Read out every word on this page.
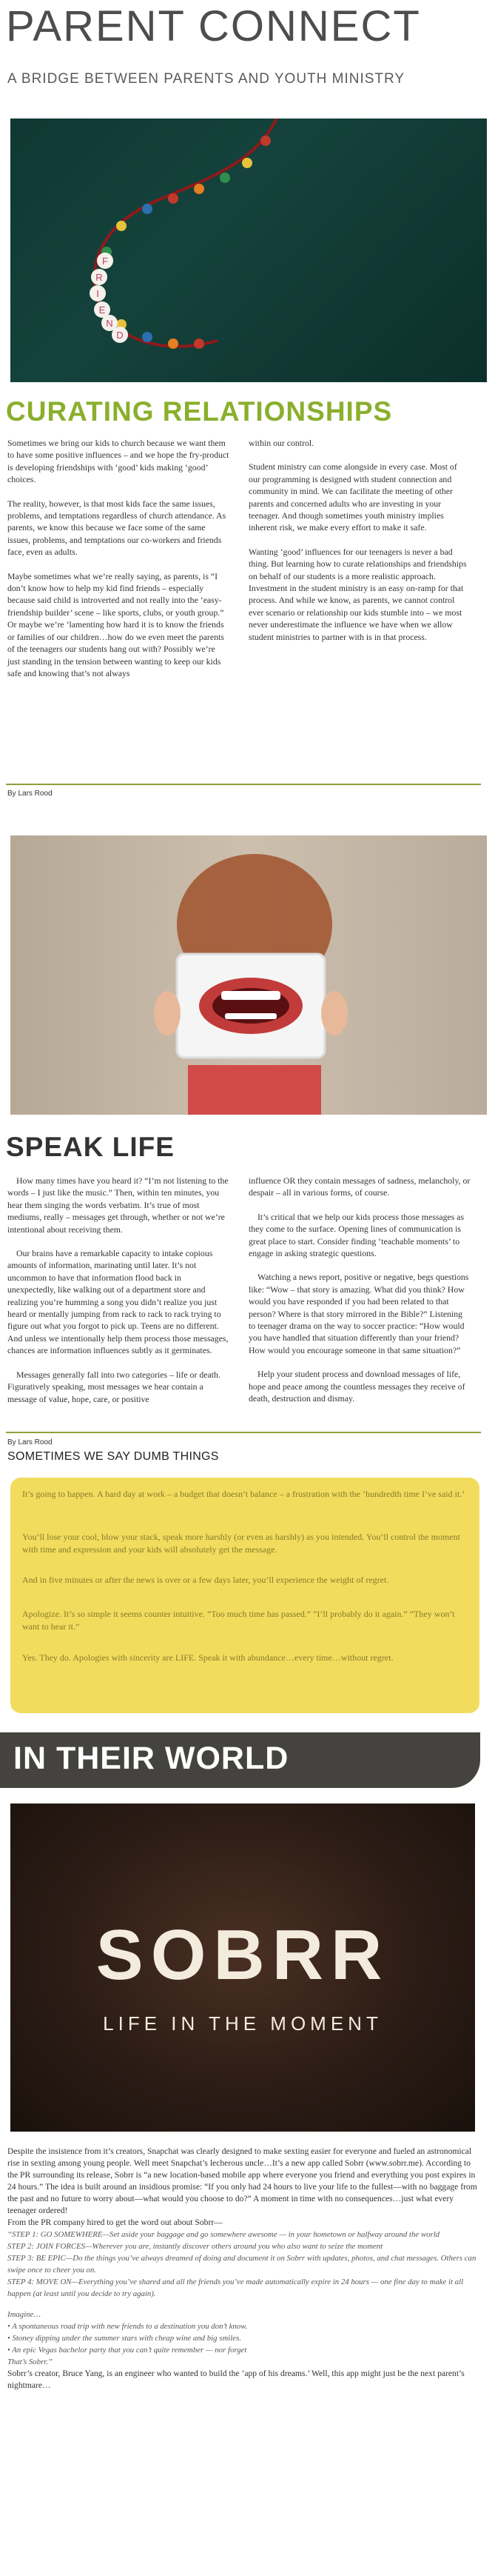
PARENT CONNECT
A BRIDGE BETWEEN PARENTS AND YOUTH MINISTRY
F
R
I
E
N
D
CURATING RELATIONSHIPS

Sometimes we bring our kids to church because we want them to have some positive influences – and we hope the fry-product is developing friendships with ‘good’ kids making ‘good’ choices.

The reality, however, is that most kids face the same issues, problems, and temptations regardless of church attendance. As parents, we know this because we face some of the same issues, problems, and temptations our co-workers and friends face, even as adults.

Maybe sometimes what we’re really saying, as parents, is “I don’t know how to help my kid find friends – especially because said child is introverted and not really into the ‘easy-friendship builder’ scene – like sports, clubs, or youth group.” Or maybe we’re ‘lamenting how hard it is to know the friends or families of our children…how do we even meet the parents of the teenagers our students hang out with? Possibly we’re just standing in the tension between wanting to keep our kids safe and knowing that’s not always

within our control.

Student ministry can come alongside in every case. Most of our programming is designed with student connection and community in mind. We can facilitate the meeting of other parents and concerned adults who are investing in your teenager. And though sometimes youth ministry implies inherent risk, we make every effort to make it safe.

Wanting ‘good’ influences for our teenagers is never a bad thing. But learning how to curate relationships and friendships on behalf of our students is a more realistic approach. Investment in the student ministry is an easy on-ramp for that process. And while we know, as parents, we cannot control ever scenario or relationship our kids stumble into – we most never underestimate the influence we have when we allow student ministries to partner with is in that process.

By Lars Rood
SPEAK LIFE

How many times have you heard it? “I’m not listening to the words – I just like the music.” Then, within ten minutes, you hear them singing the words verbatim. It’s true of most mediums, really – messages get through, whether or not we’re intentional about receiving them.

Our brains have a remarkable capacity to intake copious amounts of information, marinating until later. It’s not uncommon to have that information flood back in unexpectedly, like walking out of a department store and realizing you’re humming a song you didn’t realize you just heard or mentally jumping from rack to rack to rack trying to figure out what you forgot to pick up. Teens are no different. And unless we intentionally help them process those messages, chances are information influences subtly as it germinates.

Messages generally fall into two categories – life or death. Figuratively speaking, most messages we hear contain a message of value, hope, care, or positive

influence OR they contain messages of sadness, melancholy, or despair – all in various forms, of course.

It’s critical that we help our kids process those messages as they come to the surface. Opening lines of communication is great place to start. Consider finding ‘teachable moments’ to engage in asking strategic questions.

Watching a news report, positive or negative, begs questions like: “Wow – that story is amazing. What did you think? How would you have responded if you had been related to that person? Where is that story mirrored in the Bible?” Listening to teenager drama on the way to soccer practice: “How would you have handled that situation differently than your friend? How would you encourage someone in that same situation?”

Help your student process and download messages of life, hope and peace among the countless messages they receive of death, destruction and dismay.

By Lars Rood
SOMETIMES WE SAY DUMB THINGS

It’s going to happen. A hard day at work – a budget that doesn’t balance – a frustration with the ‘hundredth time I’ve said it.’

You’ll lose your cool, blow your stack, speak more harshly (or even as harshly) as you intended. You’ll control the moment with time and expression and your kids will absolutely get the message.

And in five minutes or after the news is over or a few days later, you’ll experience the weight of regret.

Apologize. It’s so simple it seems counter intuitive. “Too much time has passed.” “I’ll probably do it again.” “They won’t want to hear it.”

Yes. They do. Apologies with sincerity are LIFE. Speak it with abundance…every time…without regret.

IN THEIR WORLD
SOBRR
LIFE IN THE MOMENT
Despite the insistence from it’s creators, Snapchat was clearly designed to make sexting easier for everyone and fueled an astronomical rise in sexting among young people. Well meet Snapchat’s lecherous uncle…It’s a new app called Sobrr (www.sobrr.me). According to the PR surrounding its release, Sobrr is “a new location-based mobile app where everyone you friend and everything you post expires in 24 hours.” The idea is built around an insidious promise: “If you only had 24 hours to live your life to the fullest—with no baggage from the past and no future to worry about—what would you choose to do?” A moment in time with no consequences…just what every teenager ordered!
From the PR company hired to get the word out about Sobrr—
“STEP 1: GO SOMEWHERE—Set aside your baggage and go somewhere awesome — in your hometown or halfway around the world
STEP 2: JOIN FORCES—Wherever you are, instantly discover others around you who also want to seize the moment
STEP 3: BE EPIC—Do the things you’ve always dreamed of doing and document it on Sobrr with updates, photos, and chat messages. Others can swipe once to cheer you on.
STEP 4: MOVE ON—Everything you’ve shared and all the friends you’ve made automatically expire in 24 hours — one fine day to make it all happen (at least until you decide to try again).
Imagine…
• A spontaneous road trip with new friends to a destination you don’t know.
• Stoney dipping under the summer stars with cheap wine and big smiles.
• An epic Vegas bachelor party that you can’t quite remember — nor forget
That’s Sobrr.”
Sobrr’s creator, Bruce Yang, is an engineer who wanted to build the ‘app of his dreams.’ Well, this app might just be the next parent’s nightmare…
